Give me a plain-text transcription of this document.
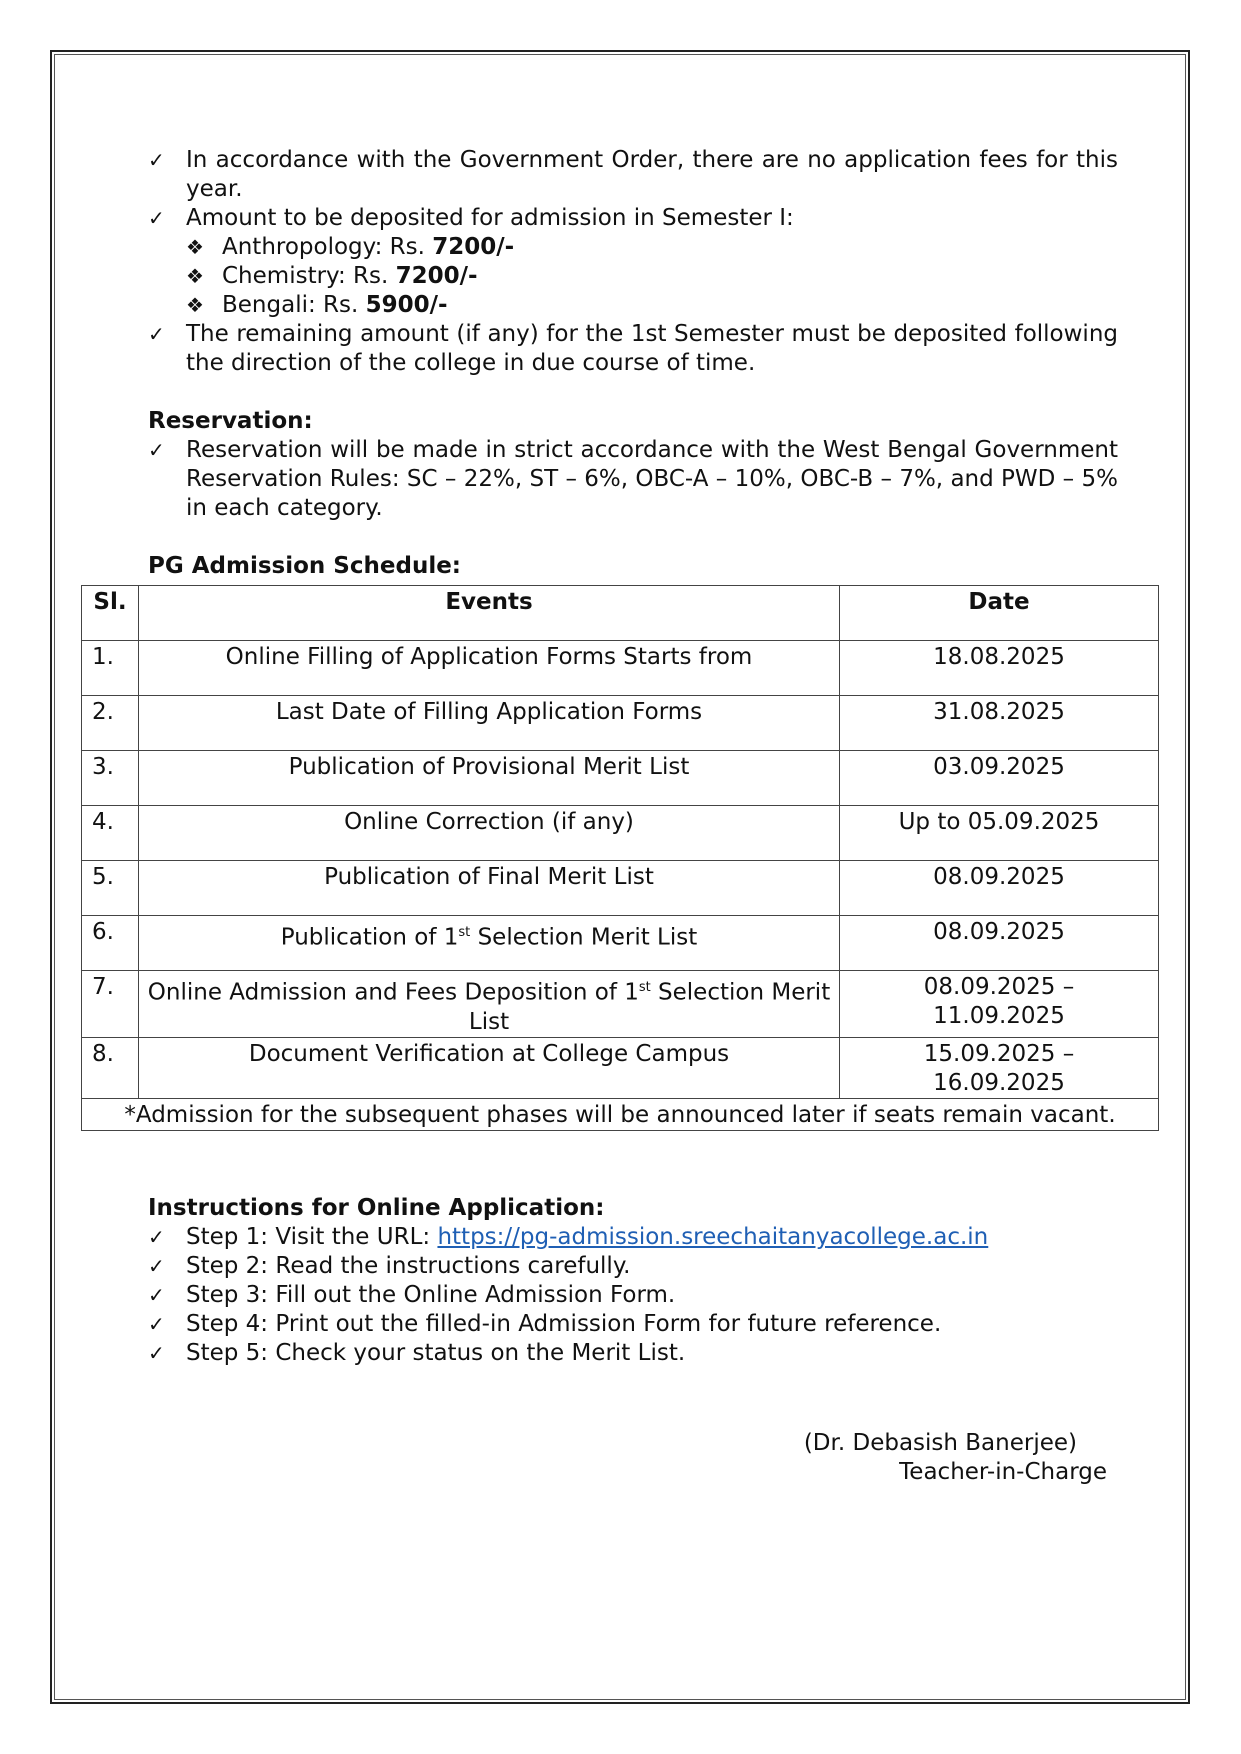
✓ In accordance with the Government Order, there are no application fees for this year.
✓ Amount to be deposited for admission in Semester I:
❖ Anthropology: Rs. 7200/-
❖ Chemistry: Rs. 7200/-
❖ Bengali: Rs. 5900/-
✓ The remaining amount (if any) for the 1st Semester must be deposited following the direction of the college in due course of time.
Reservation:
✓ Reservation will be made in strict accordance with the West Bengal Government Reservation Rules: SC – 22%, ST – 6%, OBC-A – 10%, OBC-B – 7%, and PWD – 5% in each category.
PG Admission Schedule:
Sl.	Events	Date
1.	Online Filling of Application Forms Starts from	18.08.2025
2.	Last Date of Filling Application Forms	31.08.2025
3.	Publication of Provisional Merit List	03.09.2025
4.	Online Correction (if any)	Up to 05.09.2025
5.	Publication of Final Merit List	08.09.2025
6.	Publication of 1st Selection Merit List	08.09.2025
7.	Online Admission and Fees Deposition of 1st Selection Merit List	08.09.2025 – 11.09.2025
8.	Document Verification at College Campus	15.09.2025 – 16.09.2025
*Admission for the subsequent phases will be announced later if seats remain vacant.		
Instructions for Online Application:
✓ Step 1: Visit the URL: https://pg-admission.sreechaitanyacollege.ac.in
✓ Step 2: Read the instructions carefully.
✓ Step 3: Fill out the Online Admission Form.
✓ Step 4: Print out the filled-in Admission Form for future reference.
✓ Step 5: Check your status on the Merit List.
(Dr. Debasish Banerjee)
Teacher-in-Charge
